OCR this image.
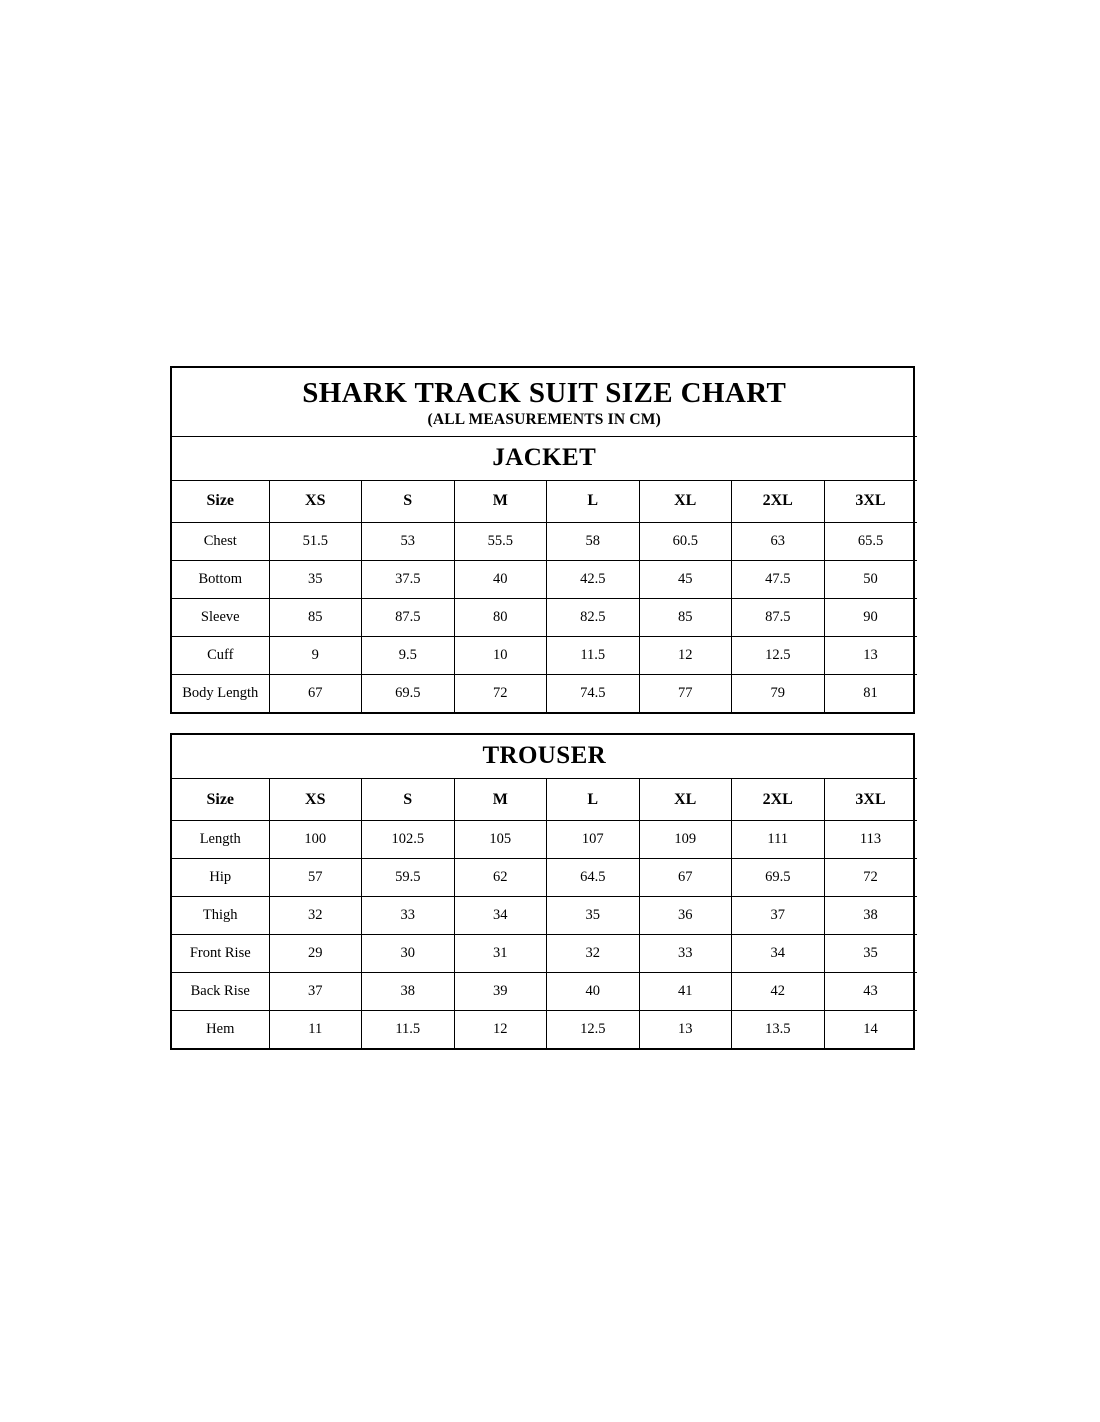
SHARK TRACK SUIT SIZE CHART
(ALL MEASUREMENTS IN CM)							

JACKET							

Size	XS	S	M	L	XL	2XL	3XL
Chest	51.5	53	55.5	58	60.5	63	65.5
Bottom	35	37.5	40	42.5	45	47.5	50
Sleeve	85	87.5	80	82.5	85	87.5	90
Cuff	9	9.5	10	11.5	12	12.5	13
Body Length	67	69.5	72	74.5	77	79	81
TROUSER							

Size	XS	S	M	L	XL	2XL	3XL
Length	100	102.5	105	107	109	111	113
Hip	57	59.5	62	64.5	67	69.5	72
Thigh	32	33	34	35	36	37	38
Front Rise	29	30	31	32	33	34	35
Back Rise	37	38	39	40	41	42	43
Hem	11	11.5	12	12.5	13	13.5	14
